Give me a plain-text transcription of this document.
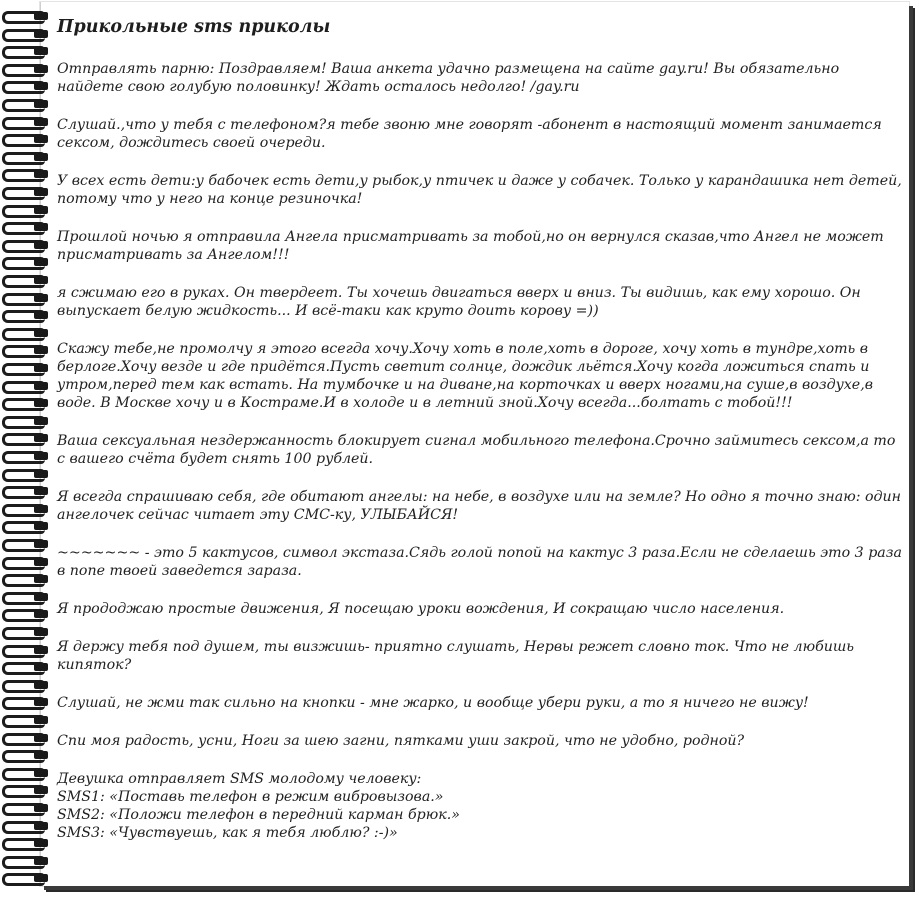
Прикольные sms приколы

Отправлять парню: Поздравляем! Ваша анкета удачно размещена на сайте gay.ru! Вы обязательно найдете свою голубую половинку! Ждать осталось недолго! /gay.ru

Слушай.,что у тебя с телефоном?я тебе звоню мне говорят -абонент в настоящий момент занимается сексом, дождитесь своей очереди.

У всех есть дети:у бабочек есть дети,у рыбок,у птичек и даже у собачек. Только у карандашика нет детей, потому что у него на конце резиночка!

Прошлой ночью я отправила Ангела присматривать за тобой,но он вернулся сказав,что Ангел не может присматривать за Ангелом!!!

я сжимаю его в руках. Он твердеет. Ты хочешь двигаться вверх и вниз. Ты видишь, как ему хорошо. Он выпускает белую жидкость... И всё-таки как круто доить корову =))

Скажу тебе,не промолчу я этого всегда хочу.Хочу хоть в поле,хоть в дороге, хочу хоть в тундре,хоть в берлоге.Хочу везде и где придётся.Пусть светит солнце, дождик льётся.Хочу когда ложиться спать и утром,перед тем как встать. На тумбочке и на диване,на корточках и вверх ногами,на суше,в воздухе,в воде. В Москве хочу и в Костраме.И в холоде и в летний зной.Хочу всегда...болтать с тобой!!!

Ваша сексуальная нездержанность блокирует сигнал мобильного телефона.Срочно займитесь сексом,а то с вашего счёта будет снять 100 рублей.

Я всегда спрашиваю себя, где обитают ангелы: на небе, в воздухе или на земле? Но одно я точно знаю: один ангелочек сейчас читает эту СМС-ку, УЛЫБАЙСЯ!

~~~~~~~ - это 5 кактусов, символ экстаза.Сядь голой попой на кактус 3 раза.Если не сделаешь это 3 раза в попе твоей заведется зараза.

Я прододжаю простые движения, Я посещаю уроки вождения, И сокращаю число населения.

Я держу тебя под душем, ты визжишь- приятно слушать, Нервы режет словно ток. Что не любишь кипяток?

Слушай, не жми так сильно на кнопки - мне жарко, и вообще убери руки, а то я ничего не вижу!

Спи моя радость, усни, Ноги за шею загни, пятками уши закрой, что не удобно, родной?

Девушка отправляет SMS молодому человеку:
SMS1: «Поставь телефон в режим вибровызова.»
SMS2: «Положи телефон в передний карман брюк.»
SMS3: «Чувствуешь, как я тебя люблю? :-)»
